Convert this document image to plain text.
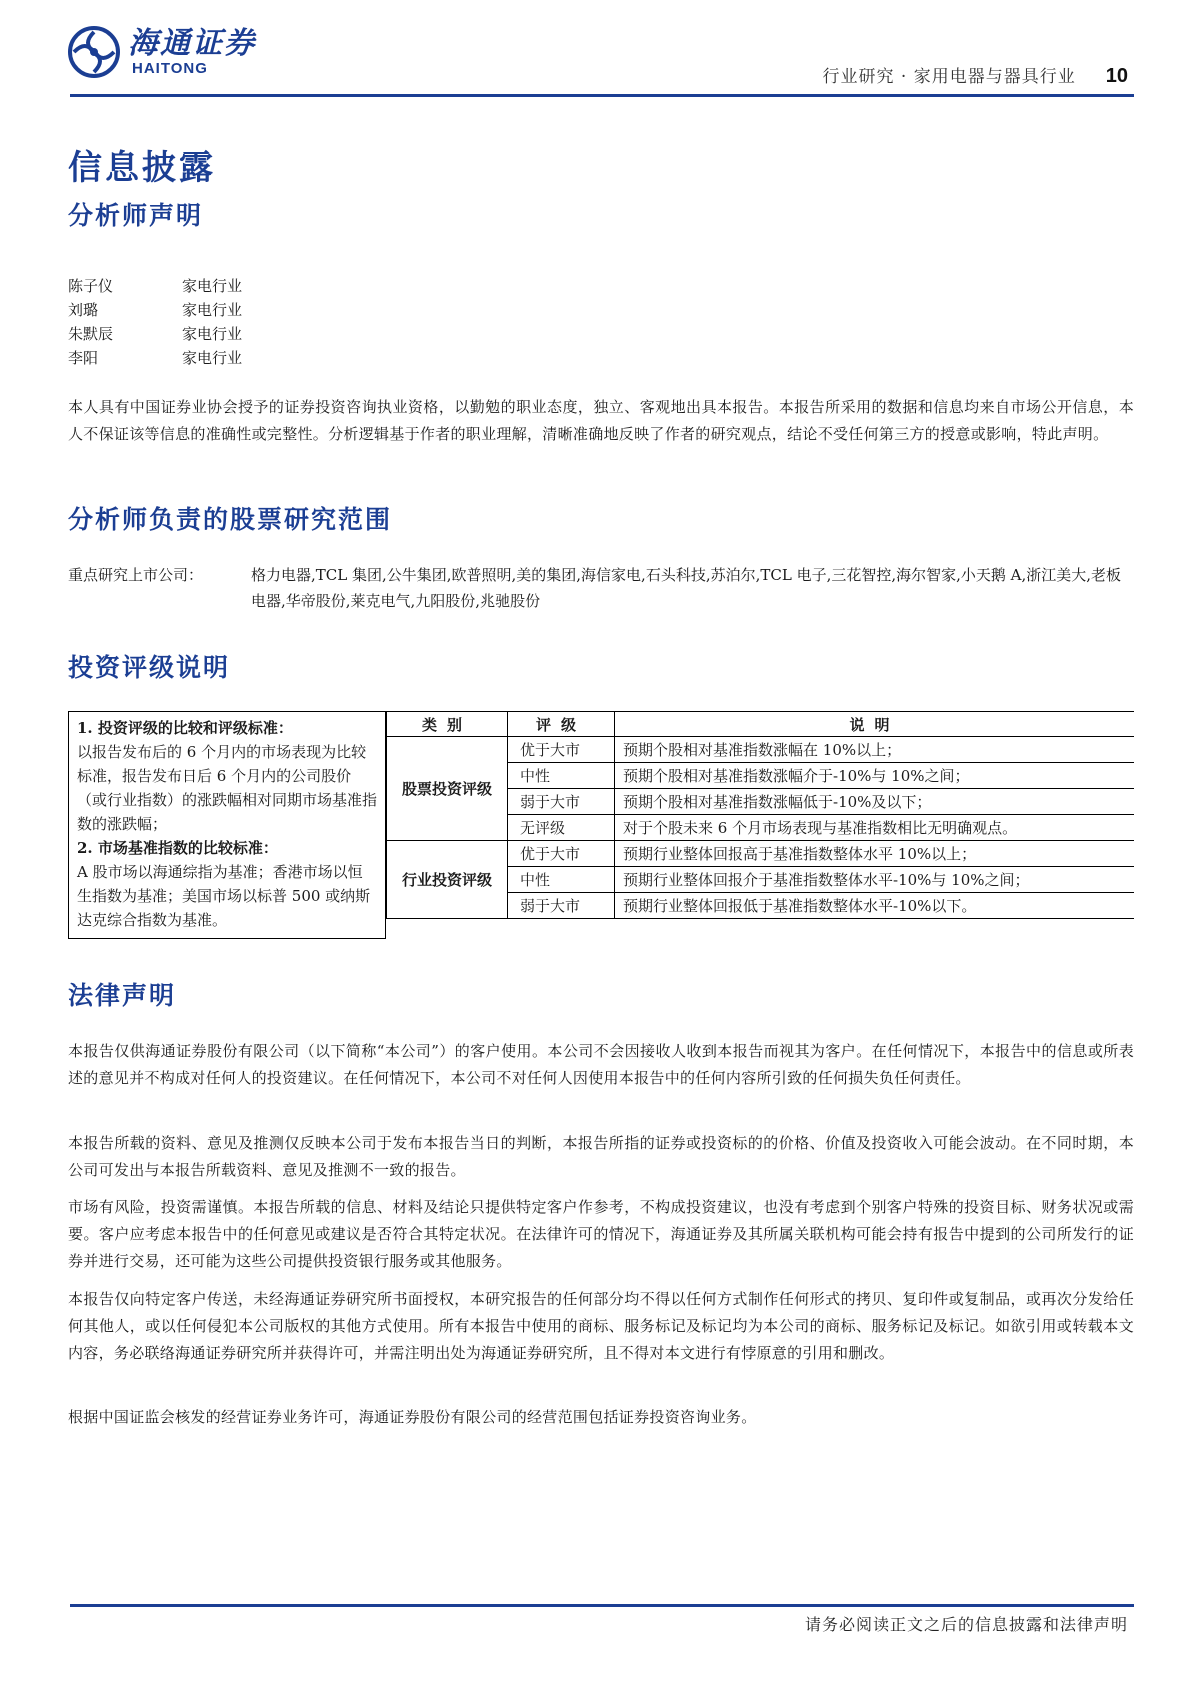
海通证券
HAITONG	行业研究 · 家用电器与器具行业 10
信息披露
分析师声明
陈子仪	家电行业
刘璐	家电行业
朱默辰	家电行业
李阳	家电行业
本人具有中国证券业协会授予的证券投资咨询执业资格，以勤勉的职业态度，独立、客观地出具本报告。本报告所采用的数据和信息均来自市场公开信息，本人不保证该等信息的准确性或完整性。分析逻辑基于作者的职业理解，清晰准确地反映了作者的研究观点，结论不受任何第三方的授意或影响，特此声明。
分析师负责的股票研究范围
重点研究上市公司：	格力电器,TCL 集团,公牛集团,欧普照明,美的集团,海信家电,石头科技,苏泊尔,TCL 电子,三花智控,海尔智家,小天鹅 A,浙江美大,老板电器,华帝股份,莱克电气,九阳股份,兆驰股份
投资评级说明
1. 投资评级的比较和评级标准：
以报告发布后的 6 个月内的市场表现为比较标准，报告发布日后 6 个月内的公司股价（或行业指数）的涨跌幅相对同期市场基准指数的涨跌幅；
2. 市场基准指数的比较标准：
A 股市场以海通综指为基准；香港市场以恒生指数为基准；美国市场以标普 500 或纳斯达克综合指数为基准。
类别	评级	说明
股票投资评级	优于大市	预期个股相对基准指数涨幅在 10%以上；
	中性	预期个股相对基准指数涨幅介于-10%与 10%之间；
	弱于大市	预期个股相对基准指数涨幅低于-10%及以下；
	无评级	对于个股未来 6 个月市场表现与基准指数相比无明确观点。
行业投资评级	优于大市	预期行业整体回报高于基准指数整体水平 10%以上；
	中性	预期行业整体回报介于基准指数整体水平-10%与 10%之间；
	弱于大市	预期行业整体回报低于基准指数整体水平-10%以下。
法律声明
本报告仅供海通证券股份有限公司（以下简称“本公司”）的客户使用。本公司不会因接收人收到本报告而视其为客户。在任何情况下，本报告中的信息或所表述的意见并不构成对任何人的投资建议。在任何情况下，本公司不对任何人因使用本报告中的任何内容所引致的任何损失负任何责任。
本报告所载的资料、意见及推测仅反映本公司于发布本报告当日的判断，本报告所指的证券或投资标的的价格、价值及投资收入可能会波动。在不同时期，本公司可发出与本报告所载资料、意见及推测不一致的报告。
市场有风险，投资需谨慎。本报告所载的信息、材料及结论只提供特定客户作参考，不构成投资建议，也没有考虑到个别客户特殊的投资目标、财务状况或需要。客户应考虑本报告中的任何意见或建议是否符合其特定状况。在法律许可的情况下，海通证券及其所属关联机构可能会持有报告中提到的公司所发行的证券并进行交易，还可能为这些公司提供投资银行服务或其他服务。
本报告仅向特定客户传送，未经海通证券研究所书面授权，本研究报告的任何部分均不得以任何方式制作任何形式的拷贝、复印件或复制品，或再次分发给任何其他人，或以任何侵犯本公司版权的其他方式使用。所有本报告中使用的商标、服务标记及标记均为本公司的商标、服务标记及标记。如欲引用或转载本文内容，务必联络海通证券研究所并获得许可，并需注明出处为海通证券研究所，且不得对本文进行有悖原意的引用和删改。
根据中国证监会核发的经营证券业务许可，海通证券股份有限公司的经营范围包括证券投资咨询业务。
请务必阅读正文之后的信息披露和法律声明
